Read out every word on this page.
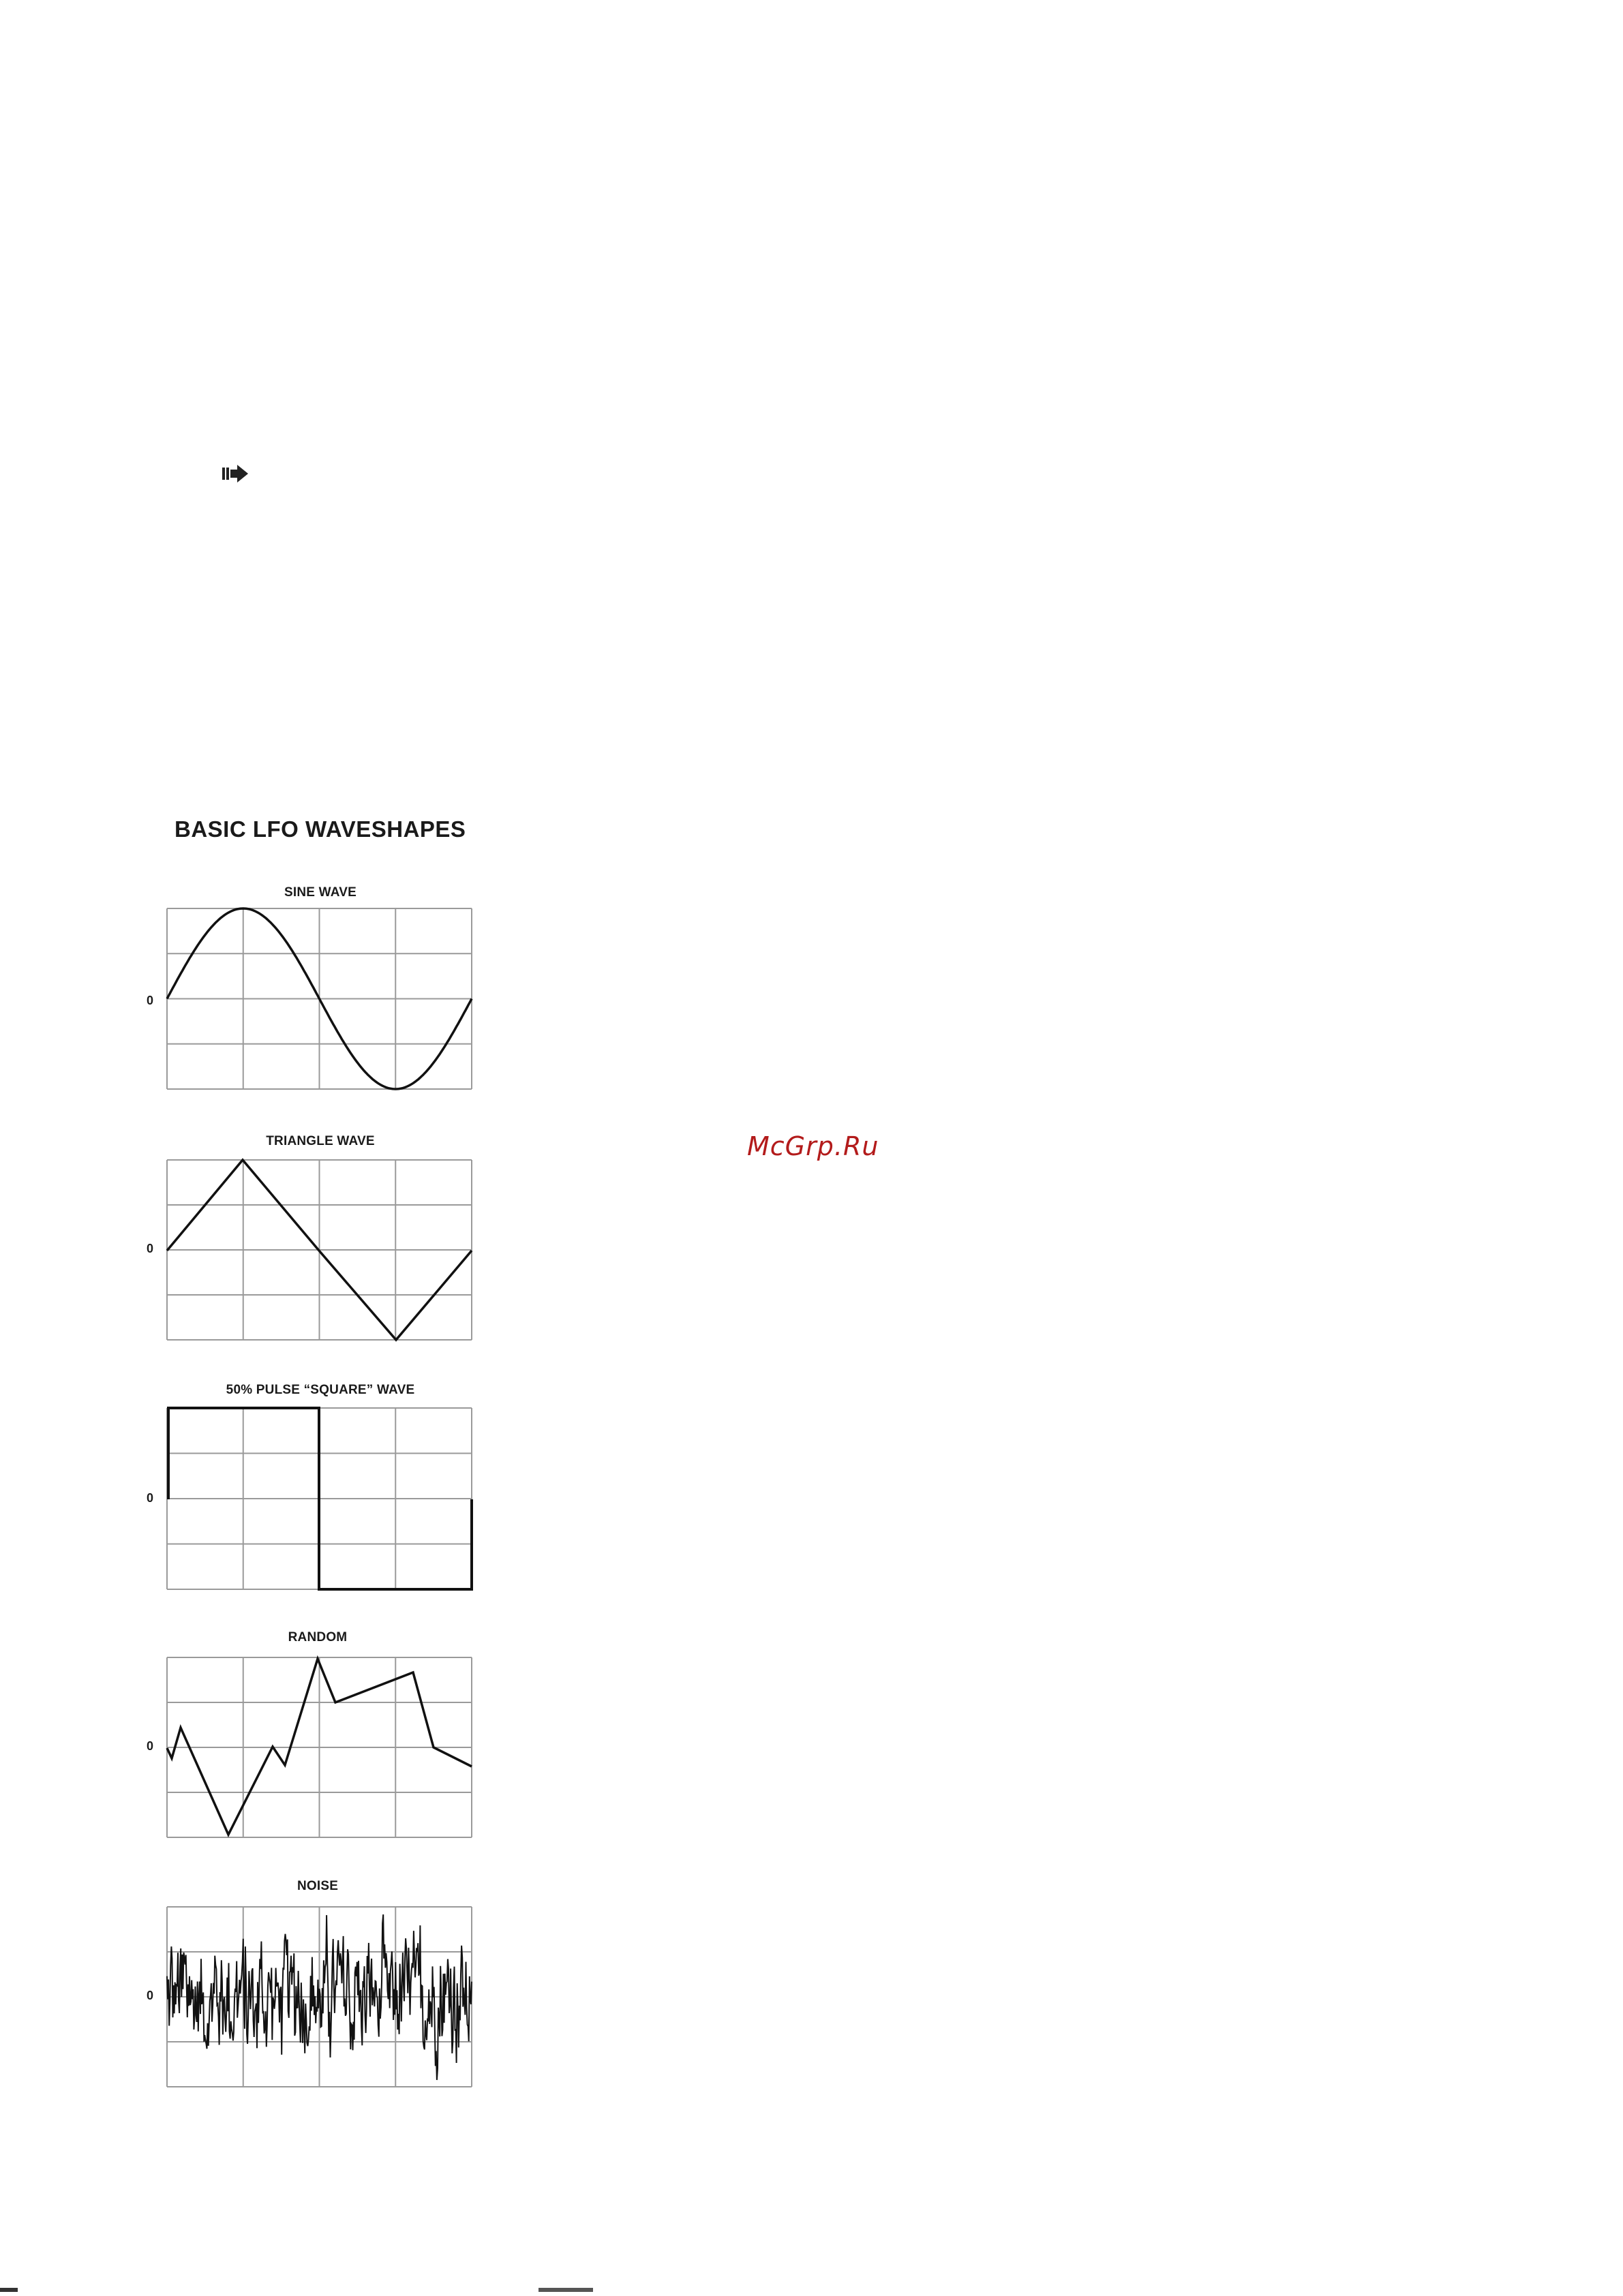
BASIC LFO WAVESHAPES
SINE WAVE
TRIANGLE WAVE
50% PULSE “SQUARE” WAVE
RANDOM
NOISE
0
0
0
0
0
McGrp.Ru
